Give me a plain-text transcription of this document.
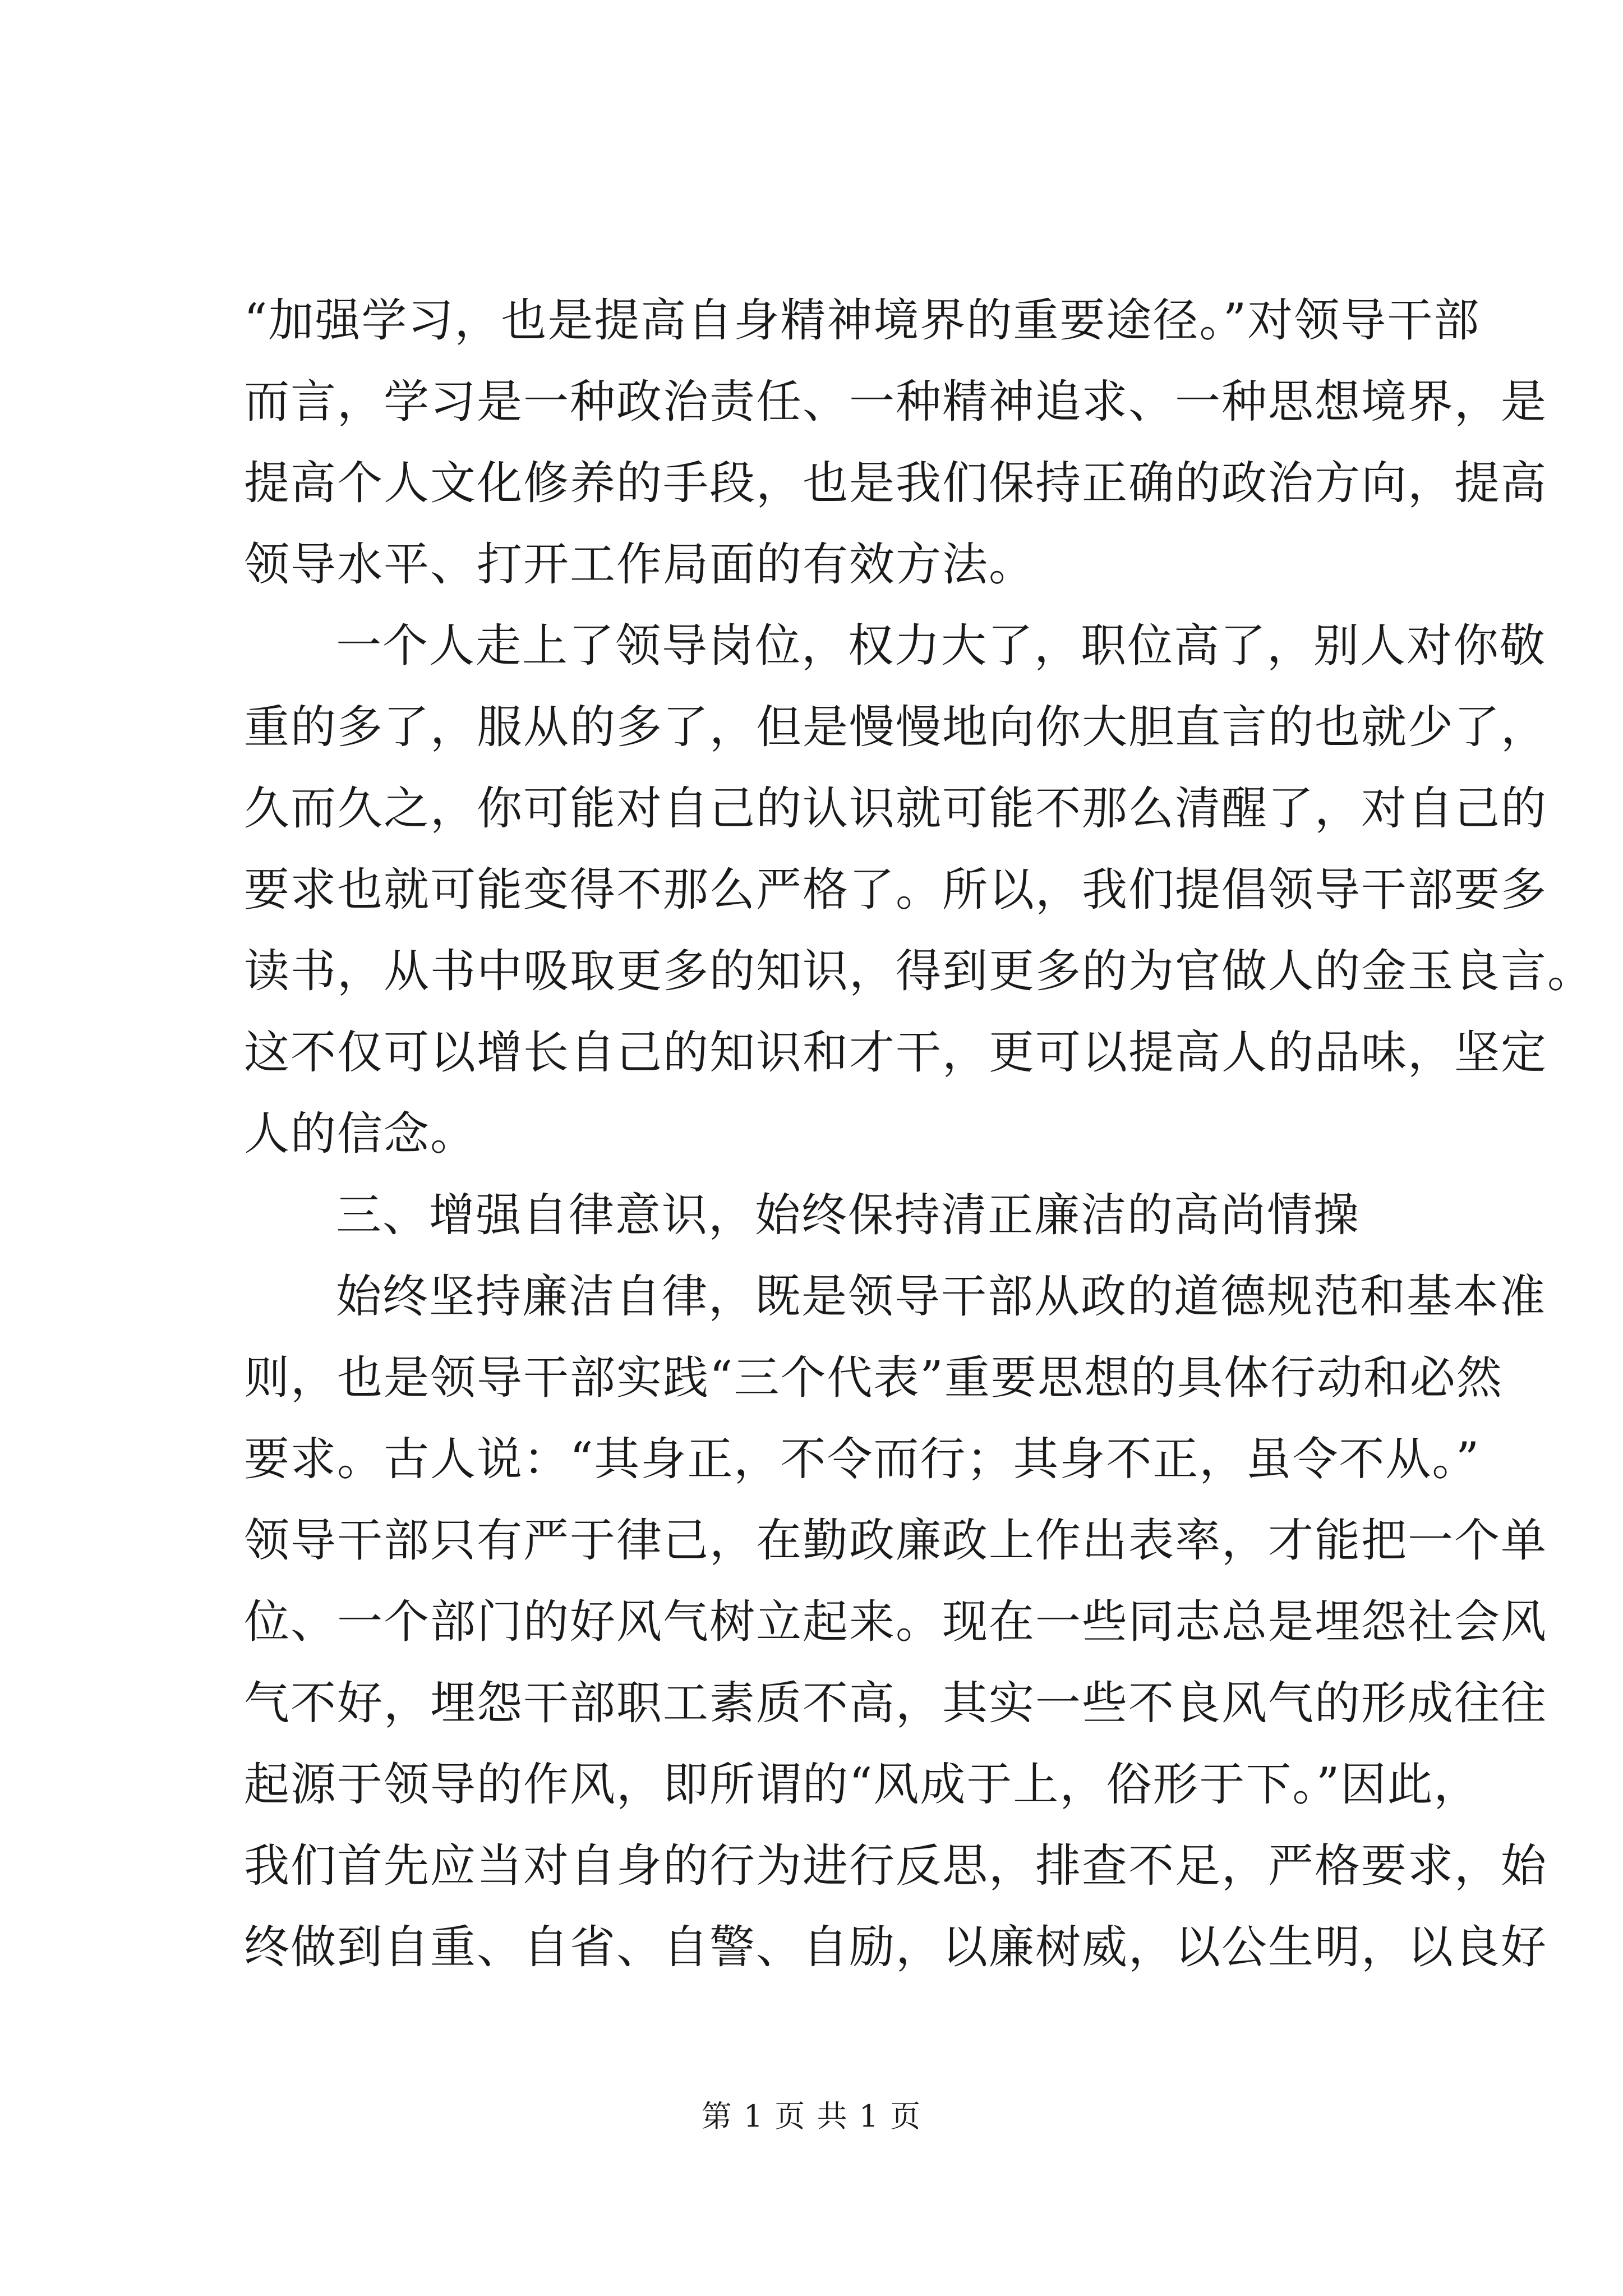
“加强学习，也是提高自身精神境界的重要途径。”对领导干部
而言，学习是一种政治责任、一种精神追求、一种思想境界，是
提高个人文化修养的手段，也是我们保持正确的政治方向，提高
领导水平、打开工作局面的有效方法。
一个人走上了领导岗位，权力大了，职位高了，别人对你敬
重的多了，服从的多了，但是慢慢地向你大胆直言的也就少了，
久而久之，你可能对自己的认识就可能不那么清醒了，对自己的
要求也就可能变得不那么严格了。所以，我们提倡领导干部要多
读书，从书中吸取更多的知识，得到更多的为官做人的金玉良言。
这不仅可以增长自己的知识和才干，更可以提高人的品味，坚定
人的信念。
三、增强自律意识，始终保持清正廉洁的高尚情操
始终坚持廉洁自律，既是领导干部从政的道德规范和基本准
则，也是领导干部实践“三个代表”重要思想的具体行动和必然
要求。古人说：“其身正，不令而行；其身不正，虽令不从。”
领导干部只有严于律己，在勤政廉政上作出表率，才能把一个单
位、一个部门的好风气树立起来。现在一些同志总是埋怨社会风
气不好，埋怨干部职工素质不高，其实一些不良风气的形成往往
起源于领导的作风，即所谓的“风成于上，俗形于下。”因此，
我们首先应当对自身的行为进行反思，排查不足，严格要求，始
终做到自重、自省、自警、自励，以廉树威，以公生明，以良好
第 1 页 共 1 页
